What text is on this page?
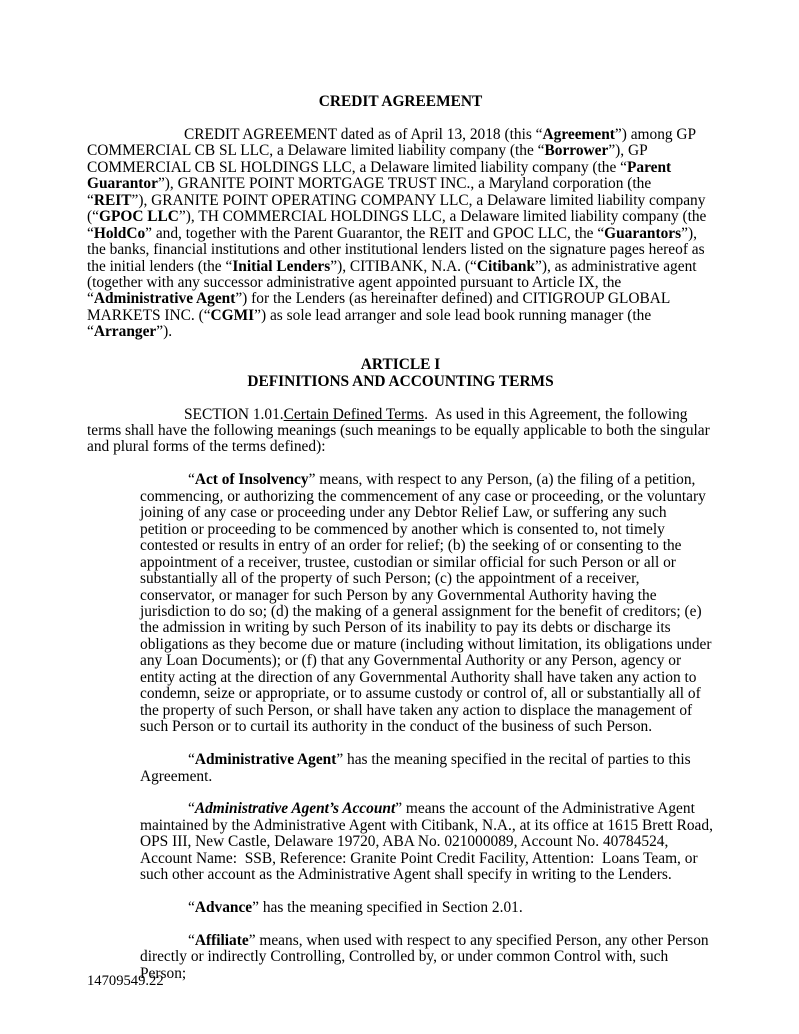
CREDIT AGREEMENT
CREDIT AGREEMENT dated as of April 13, 2018 (this “Agreement”) among GP COMMERCIAL CB SL LLC, a Delaware limited liability company (the “Borrower”), GP COMMERCIAL CB SL HOLDINGS LLC, a Delaware limited liability company (the “Parent Guarantor”), GRANITE POINT MORTGAGE TRUST INC., a Maryland corporation (the “REIT”), GRANITE POINT OPERATING COMPANY LLC, a Delaware limited liability company (“GPOC LLC”), TH COMMERCIAL HOLDINGS LLC, a Delaware limited liability company (the “HoldCo” and, together with the Parent Guarantor, the REIT and GPOC LLC, the “Guarantors”), the banks, financial institutions and other institutional lenders listed on the signature pages hereof as the initial lenders (the “Initial Lenders”), CITIBANK, N.A. (“Citibank”), as administrative agent (together with any successor administrative agent appointed pursuant to Article IX, the “Administrative Agent”) for the Lenders (as hereinafter defined) and CITIGROUP GLOBAL MARKETS INC. (“CGMI”) as sole lead arranger and sole lead book running manager (the “Arranger”).
ARTICLE I
DEFINITIONS AND ACCOUNTING TERMS
SECTION 1.01.Certain Defined Terms.  As used in this Agreement, the following terms shall have the following meanings (such meanings to be equally applicable to both the singular and plural forms of the terms defined):
“Act of Insolvency” means, with respect to any Person, (a) the filing of a petition, commencing, or authorizing the commencement of any case or proceeding, or the voluntary joining of any case or proceeding under any Debtor Relief Law, or suffering any such petition or proceeding to be commenced by another which is consented to, not timely contested or results in entry of an order for relief; (b) the seeking of or consenting to the appointment of a receiver, trustee, custodian or similar official for such Person or all or substantially all of the property of such Person; (c) the appointment of a receiver, conservator, or manager for such Person by any Governmental Authority having the jurisdiction to do so; (d) the making of a general assignment for the benefit of creditors; (e) the admission in writing by such Person of its inability to pay its debts or discharge its obligations as they become due or mature (including without limitation, its obligations under any Loan Documents); or (f) that any Governmental Authority or any Person, agency or entity acting at the direction of any Governmental Authority shall have taken any action to condemn, seize or appropriate, or to assume custody or control of, all or substantially all of the property of such Person, or shall have taken any action to displace the management of such Person or to curtail its authority in the conduct of the business of such Person.
“Administrative Agent” has the meaning specified in the recital of parties to this Agreement.
“Administrative Agent’s Account” means the account of the Administrative Agent maintained by the Administrative Agent with Citibank, N.A., at its office at 1615 Brett Road, OPS III, New Castle, Delaware 19720, ABA No. 021000089, Account No. 40784524, Account Name:  SSB, Reference: Granite Point Credit Facility, Attention:  Loans Team, or such other account as the Administrative Agent shall specify in writing to the Lenders.
“Advance” has the meaning specified in Section 2.01.
“Affiliate” means, when used with respect to any specified Person, any other Person directly or indirectly Controlling, Controlled by, or under common Control with, such Person;
14709549.22
